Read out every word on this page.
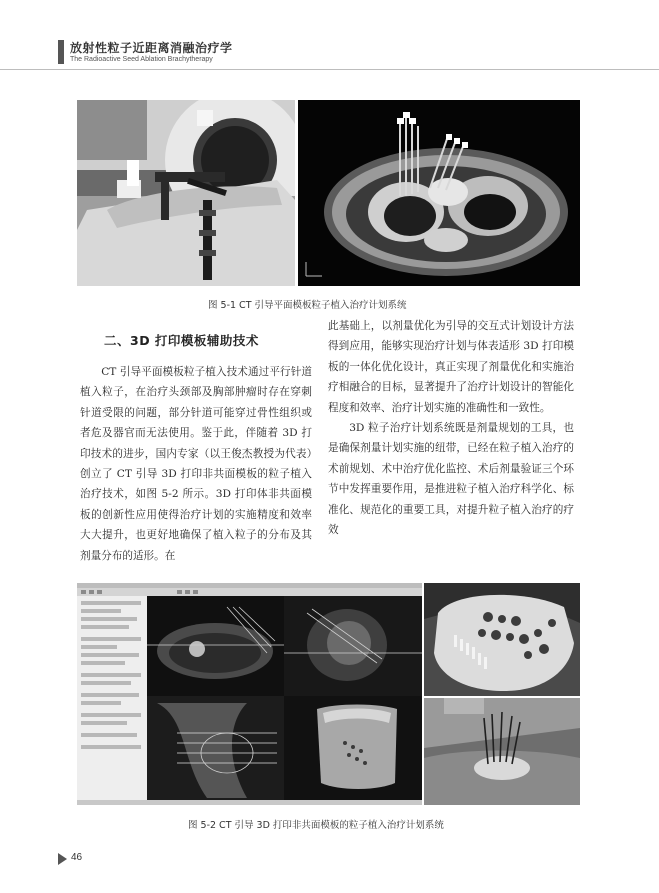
放射性粒子近距离消融治疗学
The Radioactive Seed Ablation Brachytherapy
图 5-1 CT 引导平面模板粒子植入治疗计划系统
二、3D 打印模板辅助技术

CT 引导平面模板粒子植入技术通过平行针道植入粒子，在治疗头颈部及胸部肿瘤时存在穿刺针道受限的问题，部分针道可能穿过骨性组织或者危及器官而无法使用。鉴于此，伴随着 3D 打印技术的进步，国内专家（以王俊杰教授为代表）创立了 CT 引导 3D 打印非共面模板的粒子植入治疗技术，如图 5-2 所示。3D 打印体非共面模板的创新性应用使得治疗计划的实施精度和效率大大提升，也更好地确保了植入粒子的分布及其剂量分布的适形。在

此基础上，以剂量优化为引导的交互式计划设计方法得到应用，能够实现治疗计划与体表适形 3D 打印模板的一体化优化设计，真正实现了剂量优化和实施治疗相融合的目标，显著提升了治疗计划设计的智能化程度和效率、治疗计划实施的准确性和一致性。

3D 粒子治疗计划系统既是剂量规划的工具，也是确保剂量计划实施的纽带，已经在粒子植入治疗的术前规划、术中治疗优化监控、术后剂量验证三个环节中发挥重要作用，是推进粒子植入治疗科学化、标准化、规范化的重要工具，对提升粒子植入治疗的疗效

图 5-2 CT 引导 3D 打印非共面模板的粒子植入治疗计划系统
46
